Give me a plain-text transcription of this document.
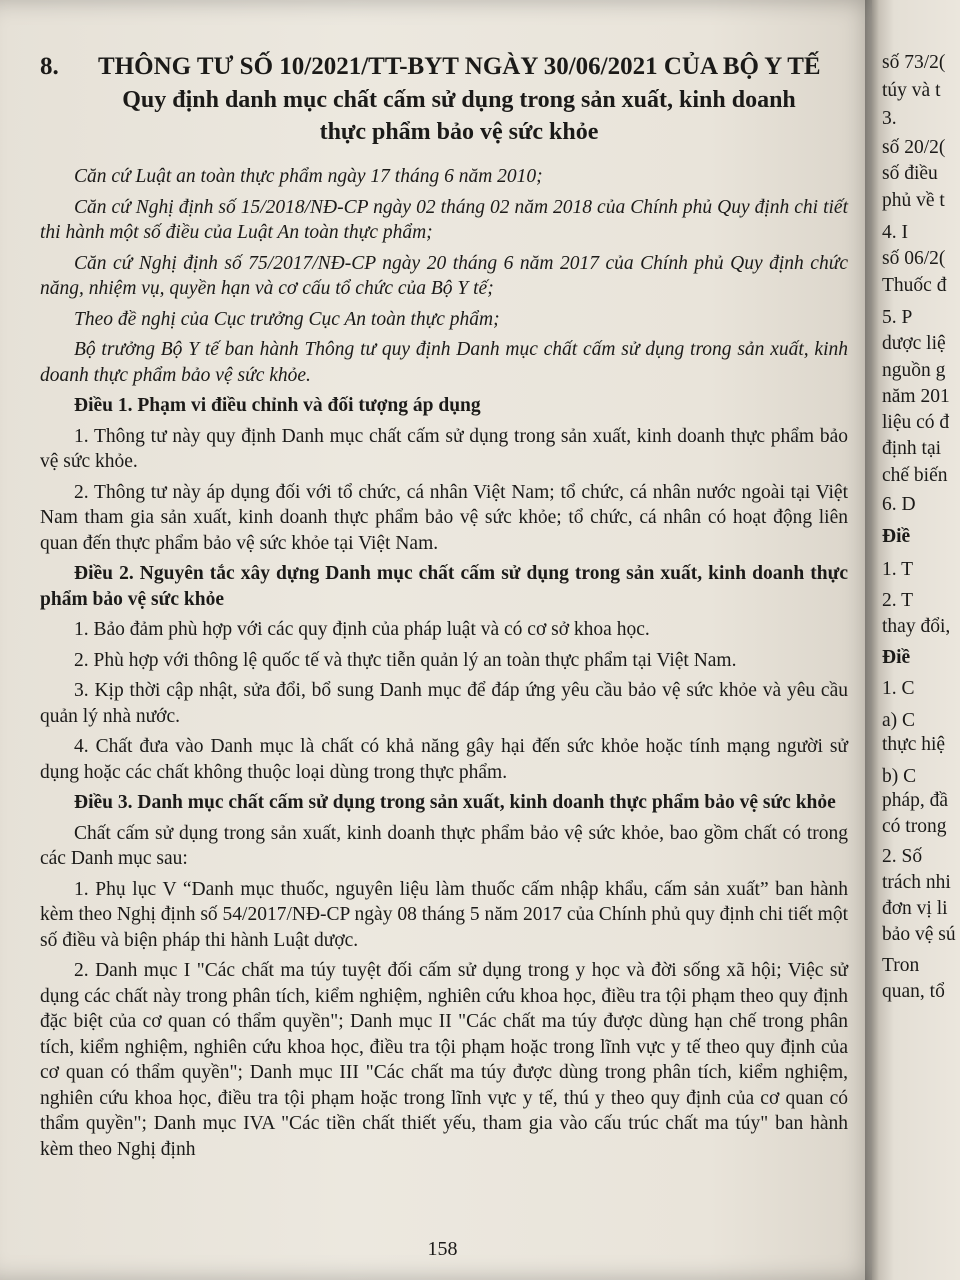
số 73/2(
túy và t
3.
số 20/2(
số điều
phủ về t
4. I
số 06/2(
Thuốc đ
5. P
dược liệ
nguồn g
năm 201
liệu có đ
định tại
chế biến
6. D
Điề
1. T
2. T
thay đổi,
Điề
1. C
a) C
thực hiệ
b) C
pháp, đầ
có trong
2. Số
trách nhi
đơn vị li
bảo vệ sú
Tron
quan, tổ
8.	THÔNG TƯ SỐ 10/2021/TT-BYT NGÀY 30/06/2021 CỦA BỘ Y TẾ
Quy định danh mục chất cấm sử dụng trong sản xuất, kinh doanh
thực phẩm bảo vệ sức khỏe

Căn cứ Luật an toàn thực phẩm ngày 17 tháng 6 năm 2010;

Căn cứ Nghị định số 15/2018/NĐ-CP ngày 02 tháng 02 năm 2018 của Chính phủ Quy định chi tiết thi hành một số điều của Luật An toàn thực phẩm;

Căn cứ Nghị định số 75/2017/NĐ-CP ngày 20 tháng 6 năm 2017 của Chính phủ Quy định chức năng, nhiệm vụ, quyền hạn và cơ cấu tổ chức của Bộ Y tế;

Theo đề nghị của Cục trưởng Cục An toàn thực phẩm;

Bộ trưởng Bộ Y tế ban hành Thông tư quy định Danh mục chất cấm sử dụng trong sản xuất, kinh doanh thực phẩm bảo vệ sức khỏe.

Điều 1. Phạm vi điều chỉnh và đối tượng áp dụng

1. Thông tư này quy định Danh mục chất cấm sử dụng trong sản xuất, kinh doanh thực phẩm bảo vệ sức khỏe.

2. Thông tư này áp dụng đối với tổ chức, cá nhân Việt Nam; tổ chức, cá nhân nước ngoài tại Việt Nam tham gia sản xuất, kinh doanh thực phẩm bảo vệ sức khỏe; tổ chức, cá nhân có hoạt động liên quan đến thực phẩm bảo vệ sức khỏe tại Việt Nam.

Điều 2. Nguyên tắc xây dựng Danh mục chất cấm sử dụng trong sản xuất, kinh doanh thực phẩm bảo vệ sức khỏe

1. Bảo đảm phù hợp với các quy định của pháp luật và có cơ sở khoa học.

2. Phù hợp với thông lệ quốc tế và thực tiễn quản lý an toàn thực phẩm tại Việt Nam.

3. Kịp thời cập nhật, sửa đổi, bổ sung Danh mục để đáp ứng yêu cầu bảo vệ sức khỏe và yêu cầu quản lý nhà nước.

4. Chất đưa vào Danh mục là chất có khả năng gây hại đến sức khỏe hoặc tính mạng người sử dụng hoặc các chất không thuộc loại dùng trong thực phẩm.

Điều 3. Danh mục chất cấm sử dụng trong sản xuất, kinh doanh thực phẩm bảo vệ sức khỏe

Chất cấm sử dụng trong sản xuất, kinh doanh thực phẩm bảo vệ sức khỏe, bao gồm chất có trong các Danh mục sau:

1. Phụ lục V “Danh mục thuốc, nguyên liệu làm thuốc cấm nhập khẩu, cấm sản xuất” ban hành kèm theo Nghị định số 54/2017/NĐ-CP ngày 08 tháng 5 năm 2017 của Chính phủ quy định chi tiết một số điều và biện pháp thi hành Luật dược.

2. Danh mục I "Các chất ma túy tuyệt đối cấm sử dụng trong y học và đời sống xã hội; Việc sử dụng các chất này trong phân tích, kiểm nghiệm, nghiên cứu khoa học, điều tra tội phạm theo quy định đặc biệt của cơ quan có thẩm quyền"; Danh mục II "Các chất ma túy được dùng hạn chế trong phân tích, kiểm nghiệm, nghiên cứu khoa học, điều tra tội phạm hoặc trong lĩnh vực y tế theo quy định của cơ quan có thẩm quyền"; Danh mục III "Các chất ma túy được dùng trong phân tích, kiểm nghiệm, nghiên cứu khoa học, điều tra tội phạm hoặc trong lĩnh vực y tế, thú y theo quy định của cơ quan có thẩm quyền"; Danh mục IVA "Các tiền chất thiết yếu, tham gia vào cấu trúc chất ma túy" ban hành kèm theo Nghị định

158
